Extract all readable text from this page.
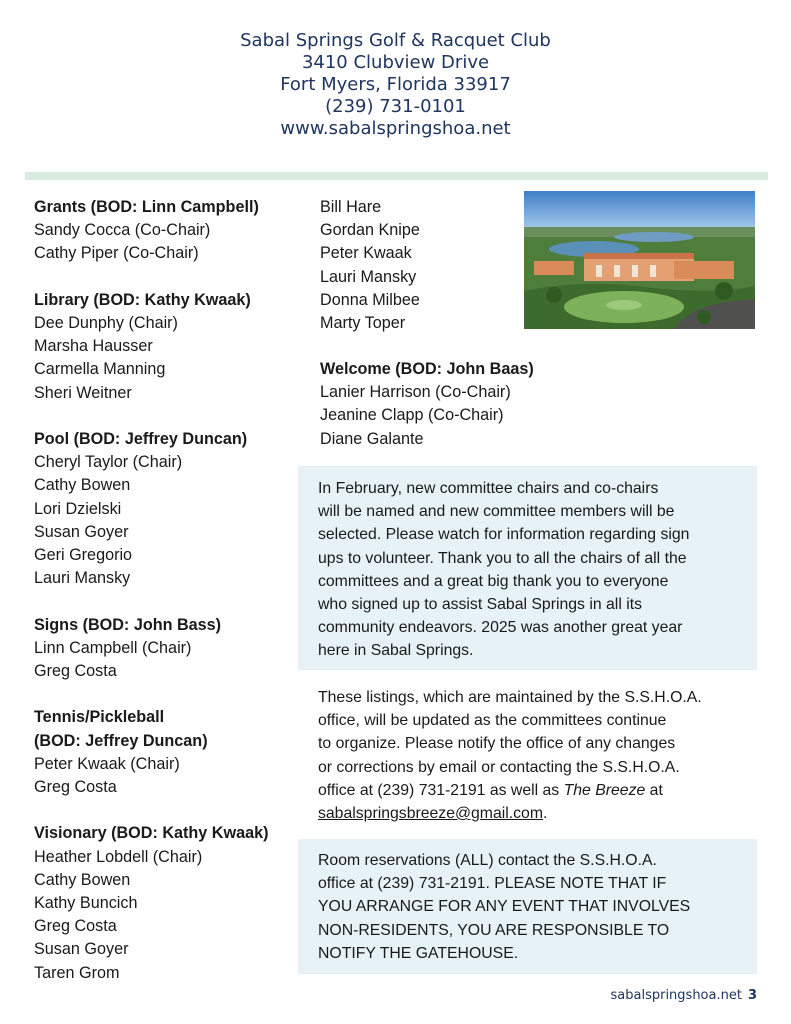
Sabal Springs Golf & Racquet Club
3410 Clubview Drive
Fort Myers, Florida 33917
(239) 731-0101
www.sabalspringshoa.net
Grants (BOD: Linn Campbell)
Sandy Cocca (Co-Chair)
Cathy Piper (Co-Chair)
Library (BOD: Kathy Kwaak)
Dee Dunphy (Chair)
Marsha Hausser
Carmella Manning
Sheri Weitner
Pool (BOD: Jeffrey Duncan)
Cheryl Taylor (Chair)
Cathy Bowen
Lori Dzielski
Susan Goyer
Geri Gregorio
Lauri Mansky
Signs (BOD: John Bass)
Linn Campbell (Chair)
Greg Costa
Tennis/Pickleball
(BOD: Jeffrey Duncan)
Peter Kwaak (Chair)
Greg Costa
Visionary (BOD: Kathy Kwaak)
Heather Lobdell (Chair)
Cathy Bowen
Kathy Buncich
Greg Costa
Susan Goyer
Taren Grom
Bill Hare
Gordan Knipe
Peter Kwaak
Lauri Mansky
Donna Milbee
Marty Toper
Welcome (BOD: John Baas)
Lanier Harrison (Co-Chair)
Jeanine Clapp (Co-Chair)
Diane Galante
In February, new committee chairs and co-chairs
will be named and new committee members will be
selected. Please watch for information regarding sign
ups to volunteer. Thank you to all the chairs of all the
committees and a great big thank you to everyone
who signed up to assist Sabal Springs in all its
community endeavors. 2025 was another great year
here in Sabal Springs.
These listings, which are maintained by the S.S.H.O.A.
office, will be updated as the committees continue
to organize. Please notify the office of any changes
or corrections by email or contacting the S.S.H.O.A.
office at (239) 731-2191 as well as The Breeze at
sabalspringsbreeze@gmail.com.
Room reservations (ALL) contact the S.S.H.O.A.
office at (239) 731-2191. PLEASE NOTE THAT IF
YOU ARRANGE FOR ANY EVENT THAT INVOLVES
NON-RESIDENTS, YOU ARE RESPONSIBLE TO
NOTIFY THE GATEHOUSE.
sabalspringshoa.net 3
